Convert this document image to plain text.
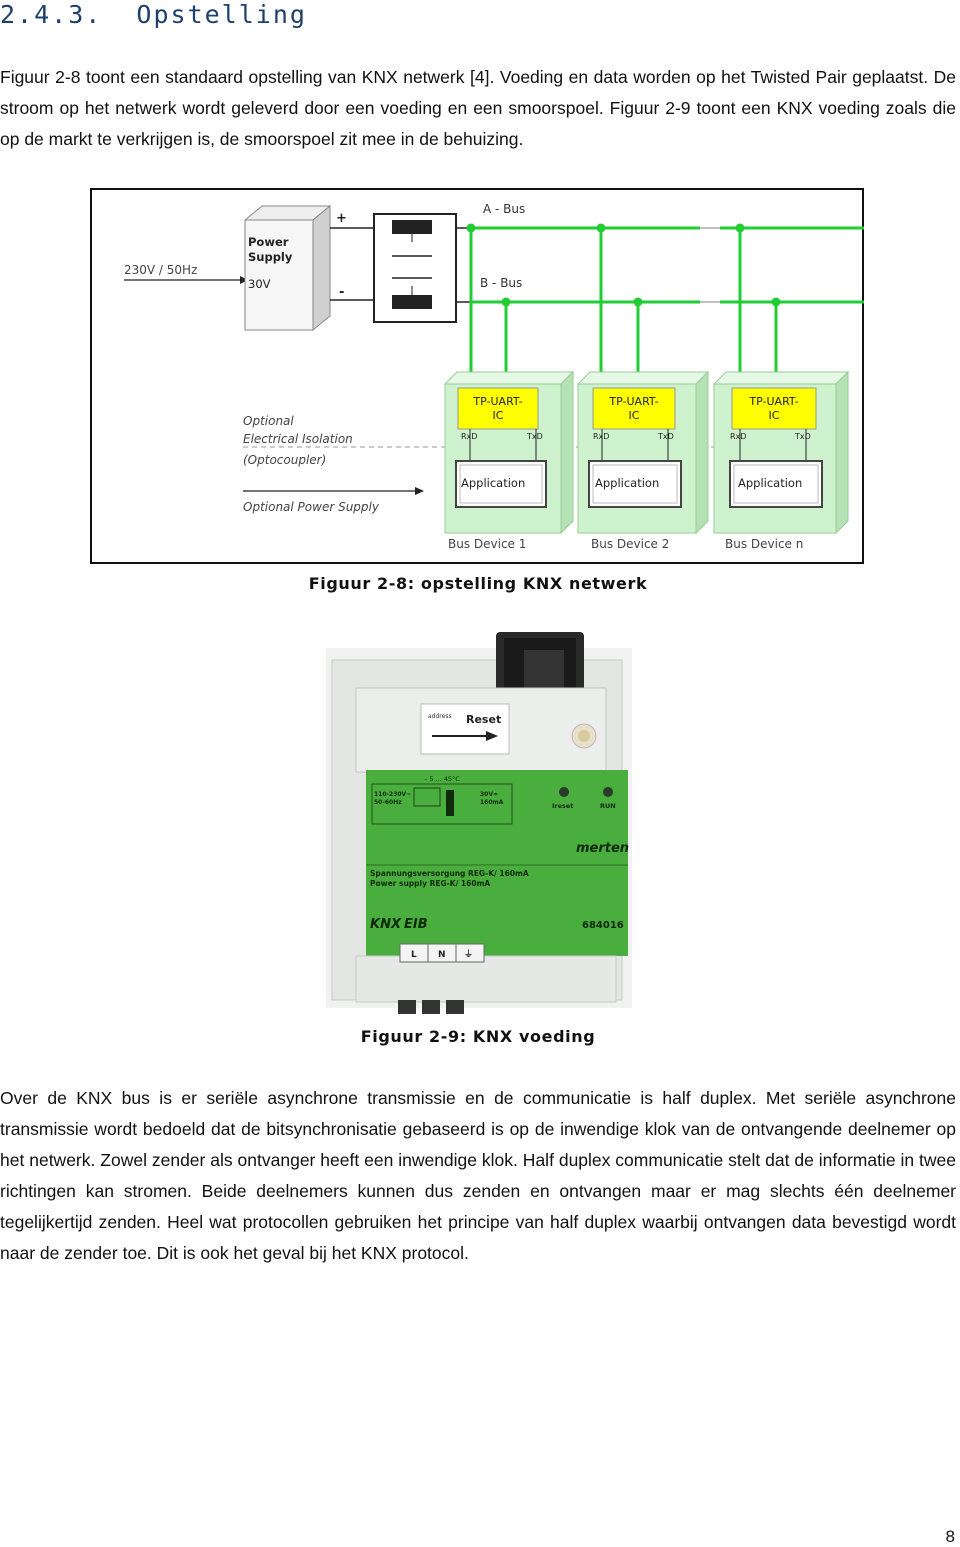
2.4.3. Opstelling

Figuur 2-8 toont een standaard opstelling van KNX netwerk [4]. Voeding en data worden op het Twisted Pair geplaatst. De stroom op het netwerk wordt geleverd door een voeding en een smoorspoel. Figuur 2-9 toont een KNX voeding zoals die op de markt te verkrijgen is, de smoorspoel zit mee in de behuizing.

230V / 50Hz
Power
Supply
30V
+
-
A - Bus
B - Bus
Optional
Electrical Isolation
(Optocoupler)
Optional Power Supply
TP-UART-
IC
RxD	TxD
Application
Bus Device 1
TP-UART-
IC
RxD	TxD
Application
Bus Device 2
TP-UART-
IC
RxD	TxD
Application
Bus Device n
Figuur 2-8: opstelling KNX netwerk
address Reset
– 5 ... 45°C
110-230V~
50-60Hz
30V=
160mA	Ireset	RUN
merten
Spannungsversorgung REG-K/ 160mA
Power supply REG-K/ 160mA
KNX EIB	684016
L N ⏚
Figuur 2-9: KNX voeding

Over de KNX bus is er seriële asynchrone transmissie en de communicatie is half duplex. Met seriële asynchrone transmissie wordt bedoeld dat de bitsynchronisatie gebaseerd is op de inwendige klok van de ontvangende deelnemer op het netwerk. Zowel zender als ontvanger heeft een inwendige klok. Half duplex communicatie stelt dat de informatie in twee richtingen kan stromen. Beide deelnemers kunnen dus zenden en ontvangen maar er mag slechts één deelnemer tegelijkertijd zenden. Heel wat protocollen gebruiken het principe van half duplex waarbij ontvangen data bevestigd wordt naar de zender toe. Dit is ook het geval bij het KNX protocol.

8
